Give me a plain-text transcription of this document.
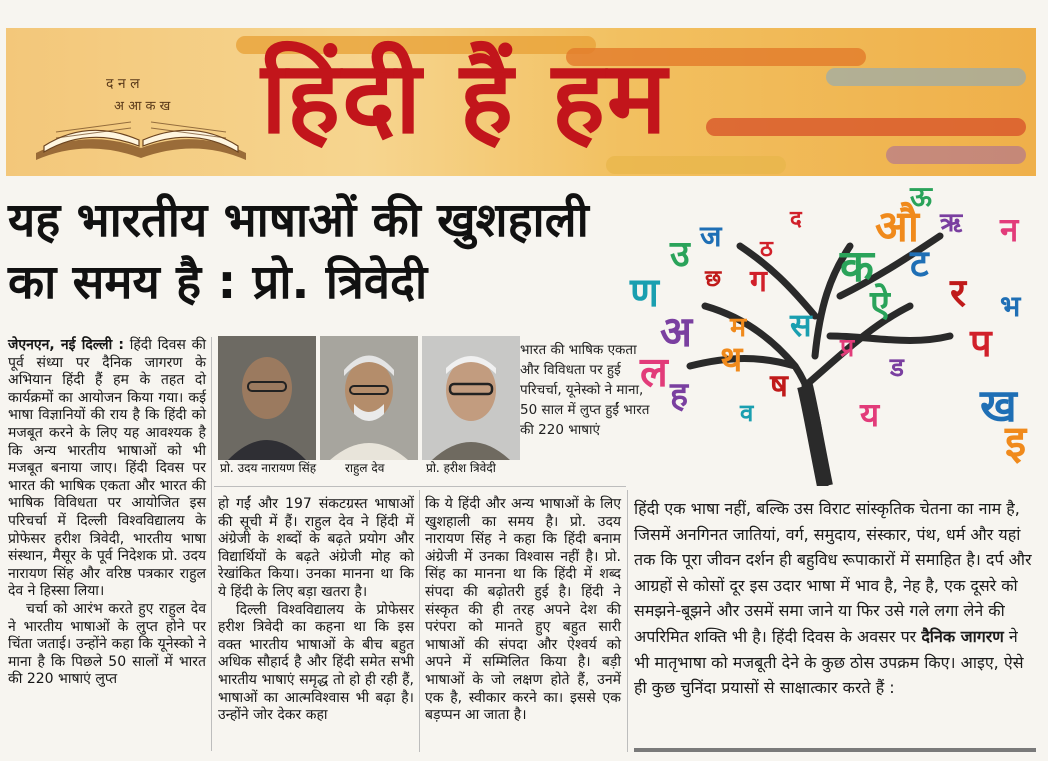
द न ल
अ आ क ख हिंदी हैं हम
यह भारतीय भाषाओं की खुशहाली
का समय है : प्रो. त्रिवेदी
द
ज
उ
औ ऋ न
ण छ ग	ट
क
म
ह
ल
व
ष
प
ख
ऊ
थ
अ	प्र
स
र
ठ
भ
ऐ
इ
ड
य

जेएनएन, नई दिल्ली : हिंदी दिवस की पूर्व संध्या पर दैनिक जागरण के अभियान हिंदी हैं हम के तहत दो कार्यक्रमों का आयोजन किया गया। कई भाषा विज्ञानियों की राय है कि हिंदी को मजबूत करने के लिए यह आवश्यक है कि अन्य भारतीय भाषाओं को भी मजबूत बनाया जाए। हिंदी दिवस पर भारत की भाषिक एकता और भारत की भाषिक विविधता पर आयोजित इस परिचर्चा में दिल्ली विश्वविद्यालय के प्रोफेसर हरीश त्रिवेदी, भारतीय भाषा संस्थान, मैसूर के पूर्व निदेशक प्रो. उदय नारायण सिंह और वरिष्ठ पत्रकार राहुल देव ने हिस्सा लिया।

चर्चा को आरंभ करते हुए राहुल देव ने भारतीय भाषाओं के लुप्त होने पर चिंता जताई। उन्होंने कहा कि यूनेस्को ने माना है कि पिछले 50 सालों में भारत की 220 भाषाएं लुप्त

प्रो. उदय नारायण सिंह राहुल देव	प्रो. हरीश त्रिवेदी
भारत की भाषिक एकता और विविधता पर हुई परिचर्चा, यूनेस्को ने माना, 50 साल में लुप्त हुईं भारत की 220 भाषाएं

हो गईं और 197 संकटग्रस्त भाषाओं की सूची में हैं। राहुल देव ने हिंदी में अंग्रेजी के शब्दों के बढ़ते प्रयोग और विद्यार्थियों के बढ़ते अंग्रेजी मोह को रेखांकित किया। उनका मानना था कि ये हिंदी के लिए बड़ा खतरा है।

दिल्ली विश्वविद्यालय के प्रोफेसर हरीश त्रिवेदी का कहना था कि इस वक्त भारतीय भाषाओं के बीच बहुत अधिक सौहार्द है और हिंदी समेत सभी भारतीय भाषाएं समृद्ध तो हो ही रही हैं, भाषाओं का आत्मविश्वास भी बढ़ा है। उन्होंने जोर देकर कहा

कि ये हिंदी और अन्य भाषाओं के लिए खुशहाली का समय है। प्रो. उदय नारायण सिंह ने कहा कि हिंदी बनाम अंग्रेजी में उनका विश्वास नहीं है। प्रो. सिंह का मानना था कि हिंदी में शब्द संपदा की बढ़ोतरी हुई है। हिंदी ने संस्कृत की ही तरह अपने देश की परंपरा को मानते हुए बहुत सारी भाषाओं की संपदा और ऐश्वर्य को अपने में सम्मिलित किया है। बड़ी भाषाओं के जो लक्षण होते हैं, उनमें एक है, स्वीकार करने का। इससे एक बड़प्पन आ जाता है।

हिंदी एक भाषा नहीं, बल्कि उस विराट सांस्कृतिक चेतना का नाम है, जिसमें अनगिनत जातियां, वर्ग, समुदाय, संस्कार, पंथ, धर्म और यहां तक कि पूरा जीवन दर्शन ही बहुविध रूपाकारों में समाहित है। दर्प और आग्रहों से कोसों दूर इस उदार भाषा में भाव है, नेह है, एक दूसरे को समझने-बूझने और उसमें समा जाने या फिर उसे गले लगा लेने की अपरिमित शक्ति भी है। हिंदी दिवस के अवसर पर दैनिक जागरण ने भी मातृभाषा को मजबूती देने के कुछ ठोस उपक्रम किए। आइए, ऐसे ही कुछ चुनिंदा प्रयासों से साक्षात्कार करते हैं :
